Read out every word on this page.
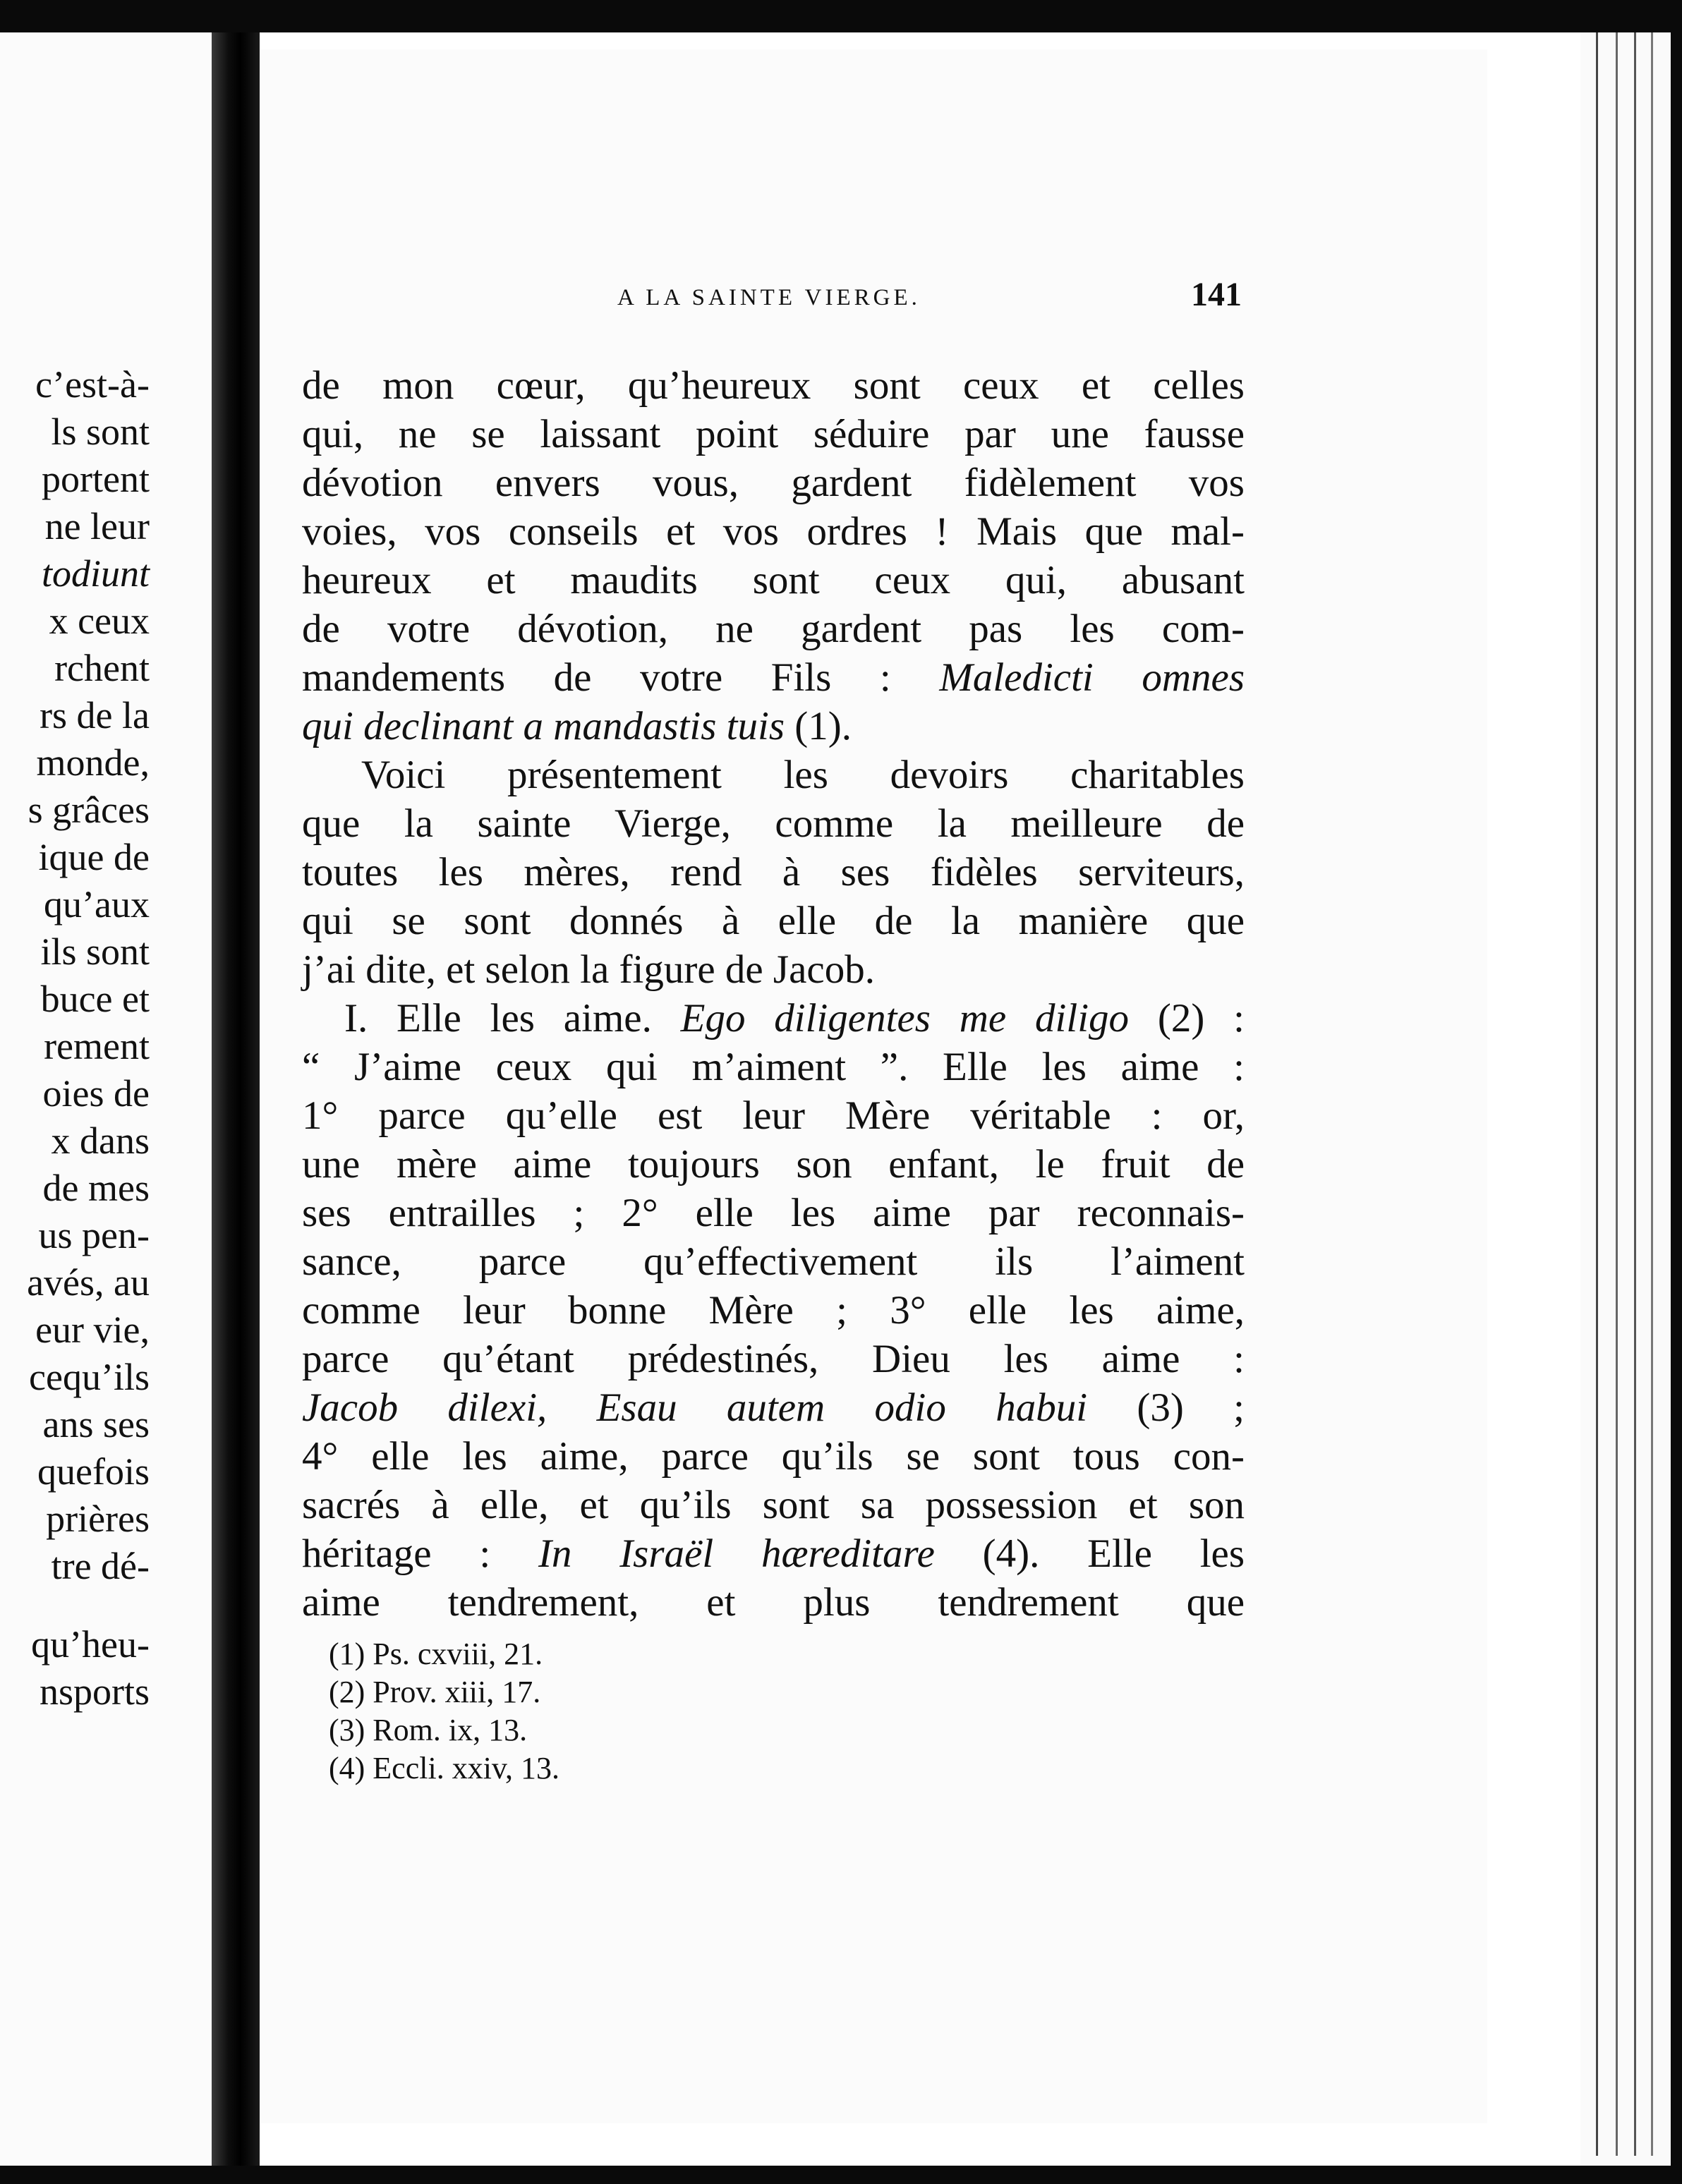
c’est-à-
ls sont
portent
ne leur
todiunt
x ceux
rchent
rs de la
monde,
s grâces
ique de
qu’aux
ils sont
buce et
rement
oies de
x dans
de mes
us pen-
avés, au
eur vie,
cequ’ils
ans ses
quefois
prières
tre dé-
qu’heu-
nsports
A LA SAINTE VIERGE.	141
de mon cœur, qu’heureux sont ceux et celles
qui, ne se laissant point séduire par une fausse
dévotion envers vous, gardent fidèlement vos
voies, vos conseils et vos ordres ! Mais que mal-
heureux et maudits sont ceux qui, abusant
de votre dévotion, ne gardent pas les com-
mandements de votre Fils : Maledicti omnes
qui declinant a mandastis tuis (1).
Voici présentement les devoirs charitables
que la sainte Vierge, comme la meilleure de
toutes les mères, rend à ses fidèles serviteurs,
qui se sont donnés à elle de la manière que
j’ai dite, et selon la figure de Jacob.
I. Elle les aime. Ego diligentes me diligo (2) :
“ J’aime ceux qui m’aiment ”. Elle les aime :
1° parce qu’elle est leur Mère véritable : or,
une mère aime toujours son enfant, le fruit de
ses entrailles ; 2° elle les aime par reconnais-
sance, parce qu’effectivement ils l’aiment
comme leur bonne Mère ; 3° elle les aime,
parce qu’étant prédestinés, Dieu les aime :
Jacob dilexi, Esau autem odio habui (3) ;
4° elle les aime, parce qu’ils se sont tous con-
sacrés à elle, et qu’ils sont sa possession et son
héritage : In Israël hæreditare (4). Elle les
aime tendrement, et plus tendrement que
(1) Ps. cxviii, 21.
(2) Prov. xiii, 17.
(3) Rom. ix, 13.
(4) Eccli. xxiv, 13.
